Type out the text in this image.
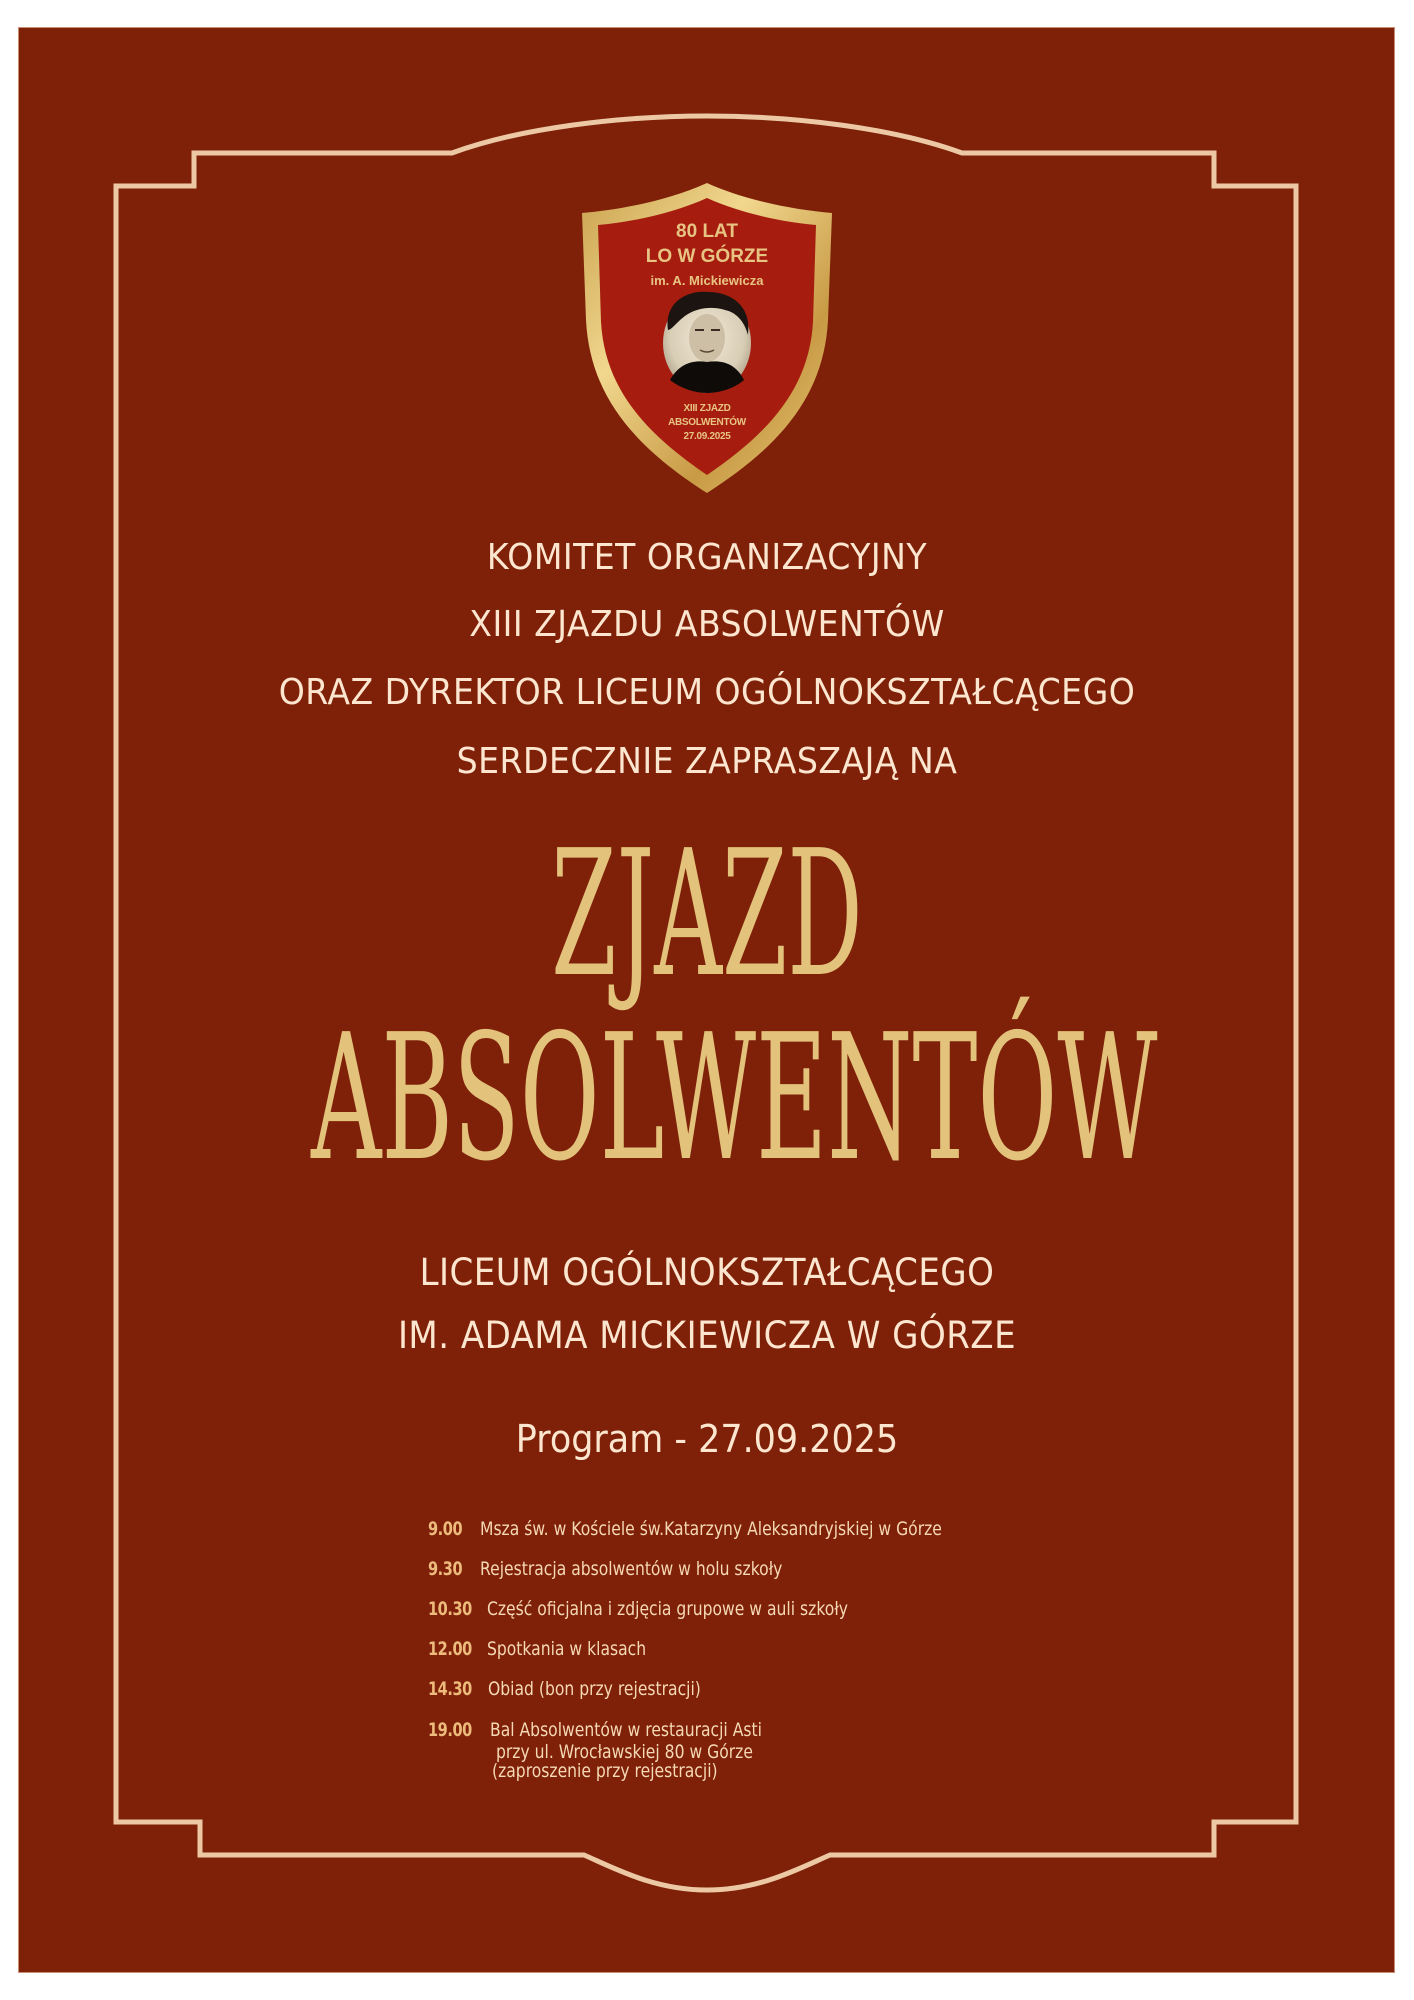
80 LAT
LO W GÓRZE
im. A. Mickiewicza
XIII ZJAZD
ABSOLWENTÓW
27.09.2025
KOMITET ORGANIZACYJNY
XIII ZJAZDU ABSOLWENTÓW
ORAZ DYREKTOR LICEUM OGÓLNOKSZTAŁCĄCEGO
SERDECZNIE ZAPRASZAJĄ NA
ZJAZD
ABSOLWENTÓW
LICEUM OGÓLNOKSZTAŁCĄCEGO
IM. ADAMA MICKIEWICZA W GÓRZE
Program - 27.09.2025
9.00 Msza św. w Kościele św.Katarzyny Aleksandryjskiej w Górze
9.30 Rejestracja absolwentów w holu szkoły
10.30 Część oficjalna i zdjęcia grupowe w auli szkoły
12.00 Spotkania w klasach
14.30 Obiad (bon przy rejestracji)
19.00 Bal Absolwentów w restauracji Asti
przy ul. Wrocławskiej 80 w Górze
(zaproszenie przy rejestracji)
